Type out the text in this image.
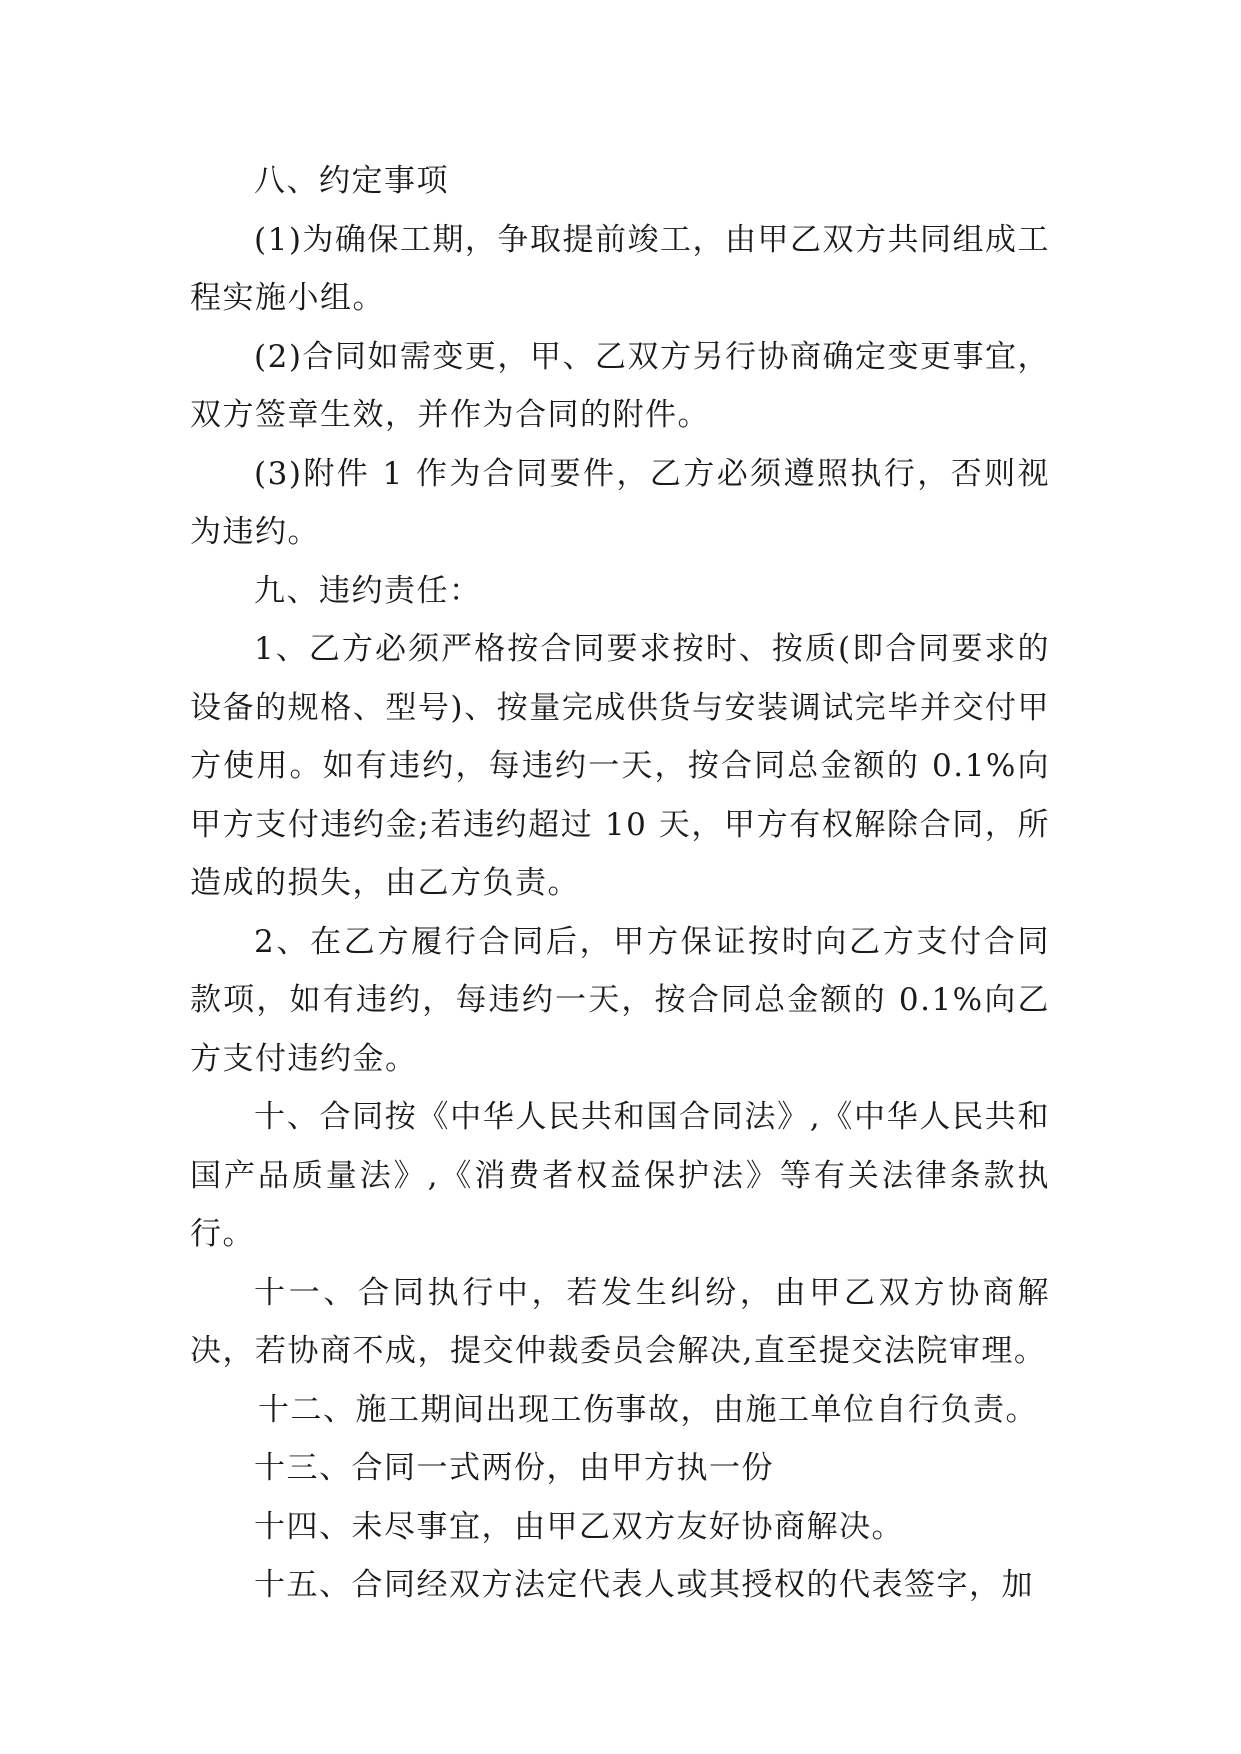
八、约定事项

(1)为确保工期，争取提前竣工，由甲乙双方共同组成工程实施小组。

(2)合同如需变更，甲、乙双方另行协商确定变更事宜，双方签章生效，并作为合同的附件。

(3)附件 1 作为合同要件，乙方必须遵照执行，否则视为违约。

九、违约责任：

1、乙方必须严格按合同要求按时、按质(即合同要求的设备的规格、型号)、按量完成供货与安装调试完毕并交付甲方使用。如有违约，每违约一天，按合同总金额的 0.1%向甲方支付违约金;若违约超过 10 天，甲方有权解除合同，所造成的损失，由乙方负责。

2、在乙方履行合同后，甲方保证按时向乙方支付合同款项，如有违约，每违约一天，按合同总金额的 0.1%向乙方支付违约金。

十、合同按《中华人民共和国合同法》,《中华人民共和国产品质量法》,《消费者权益保护法》等有关法律条款执行。

十一、合同执行中，若发生纠纷，由甲乙双方协商解决，若协商不成，提交仲裁委员会解决,直至提交法院审理。

十二、施工期间出现工伤事故，由施工单位自行负责。

十三、合同一式两份，由甲方执一份

十四、未尽事宜，由甲乙双方友好协商解决。

十五、合同经双方法定代表人或其授权的代表签字，加
